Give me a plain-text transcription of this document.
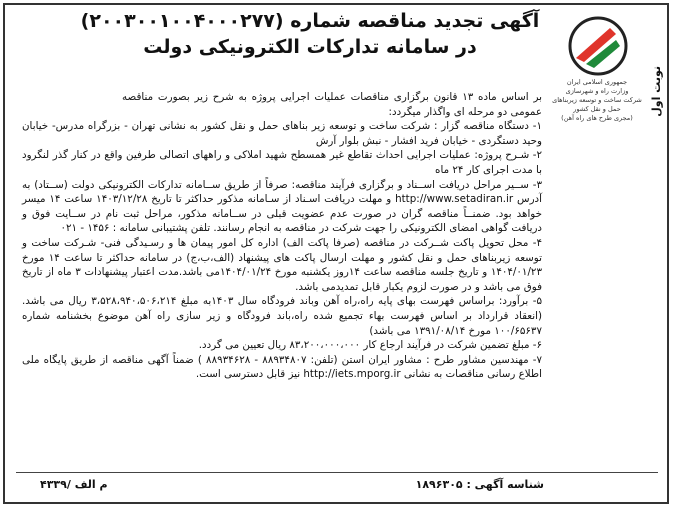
آگهی تجدید مناقصه شماره (۲۰۰۳۰۰۱۰۰۴۰۰۰۲۷۷)
در سامانه تدارکات الکترونیکی دولت
جمهوری اسلامی ایران
وزارت راه و شهرسازی
شرکت ساخت و توسعه زیربناهای حمل و نقل کشور
(مجری طرح های راه آهن)
نوبت اول

بر اساس ماده ۱۳ قانون برگزاری مناقصات عملیات اجرایی پروژه به شرح زیر بصورت مناقصه عمومی دو مرحله ای واگذار میگردد:

۱- دستگاه مناقصه گزار : شرکت ساخت و توسعه زیر بناهای حمل و نقل کشور به نشانی تهران - بزرگراه مدرس- خیابان وحید دستگردی - خیابان فرید افشار - نبش بلوار آرش

۲- شـرح پروژه: عملیات اجرایی احداث تقاطع غیر همسطح شهید املاکی و راههای اتصالی طرفین واقع در کنار گذر لنگرود با مدت اجرای کار ۲۴ ماه

۳- ســیر مراحل دریافت اســناد و برگزاری فرآیند مناقصه: صرفاً از طریق ســامانه تدارکات الکترونیکی دولت (ســتاد) به آدرس http://www.setadiran.ir و مهلت دریافت اسـناد از سـامانه مذکور حداکثر تا تاریخ ۱۴۰۳/۱۲/۲۸ ساعت ۱۴ میسر خواهد بود. ضمنــاً مناقصه گران در صورت عدم عضویت قبلی در ســامانه مذکور، مراحل ثبت نام در ســایت فوق و دریافت گواهی امضای الکترونیکی را جهت شرکت در مناقصه به انجام رسانند. تلفن پشتیبانی سامانه : ۱۴۵۶ - ۰۲۱

۴- محل تحویل پاکت شــرکت در مناقصه (صرفا پاکت الف) اداره کل امور پیمان ها و رسـیدگی فنی- شـرکت ساخت و توسعه زیربناهای حمل و نقل کشور و مهلت ارسال پاکت های پیشنهاد (الف،ب،ج) در سامانه حداکثر تا ساعت ۱۴ مورخ ۱۴۰۴/۰۱/۲۳ و تاریخ جلسه مناقصه ساعت ۱۴روز یکشنبه مورخ ۱۴۰۴/۰۱/۲۴می باشد.مدت اعتبار پیشنهادات ۳ ماه از تاریخ فوق می باشد و در صورت لزوم یکبار قابل تمدیدمی باشد.

۵- برآورد: براساس فهرست بهای پایه راه،راه آهن وباند فرودگاه سال ۱۴۰۳به مبلغ ۳،۵۲۸،۹۴۰،۵۰۶،۲۱۴ ریال می باشد. (انعقاد قرارداد بر اساس فهرست بهاء تجمیع شده راه،باند فرودگاه و زیر سازی راه آهن موضوع بخشنامه شماره ۱۰۰/۶۵۶۳۷ مورخ ۱۳۹۱/۰۸/۱۴ می باشد)

۶- مبلغ تضمین شرکت در فرآیند ارجاع کار ۸۳،۲۰۰،۰۰۰،۰۰۰ ریال تعیین می گردد.

۷- مهندسین مشاور طرح : مشاور ایران استن (تلفن: ۸۸۹۳۴۸۰۷ - ۸۸۹۳۴۶۲۸ ) ضمناً آگهی مناقصه از طریق پایگاه ملی اطلاع رسانی مناقصات به نشانی http://iets.mporg.ir نیز قابل دسترسی است.

شناسه آگهی : ۱۸۹۶۳۰۵
م الف /۴۳۳۹
